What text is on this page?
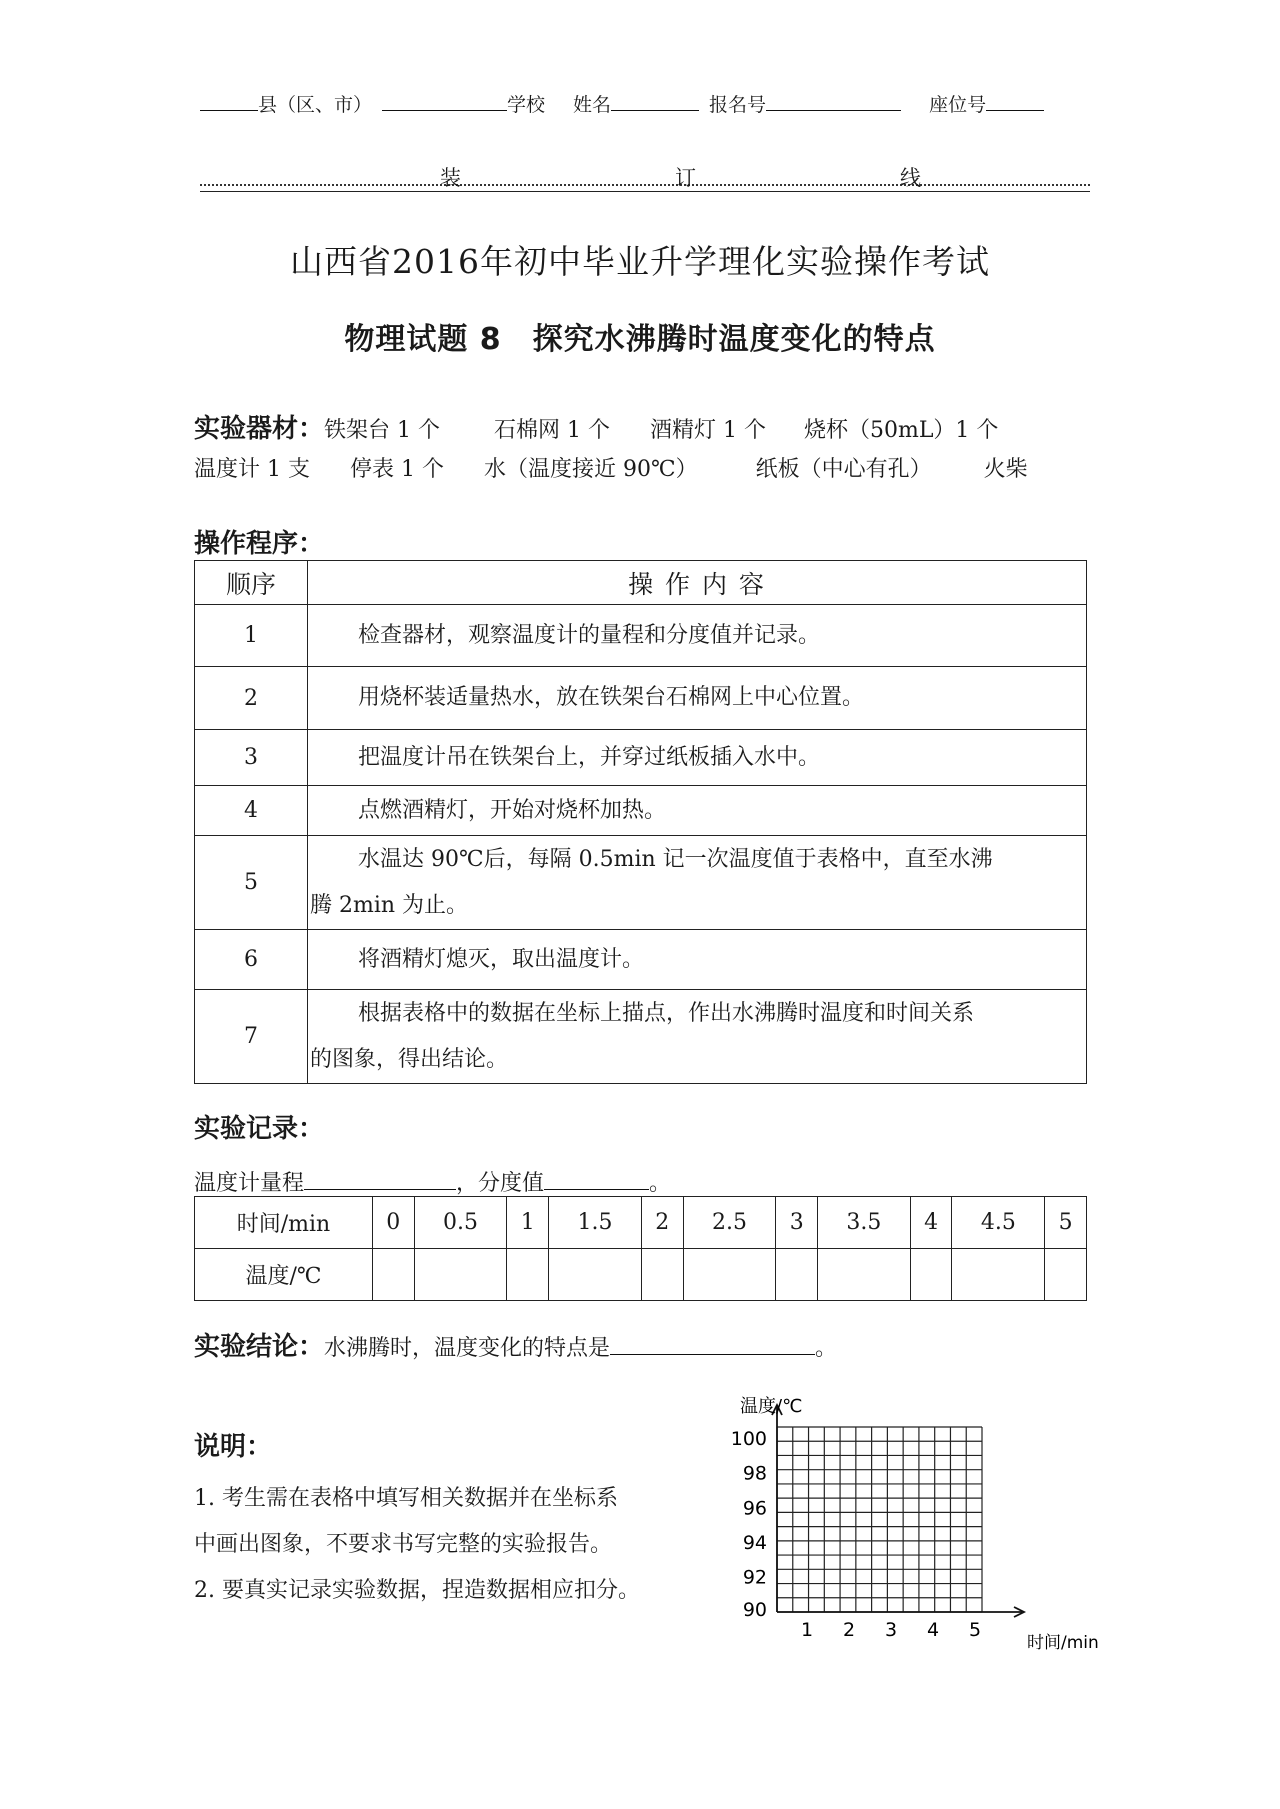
县（区、市）	学校 姓名	报名号	座位号
装	订	线
山西省2016年初中毕业升学理化实验操作考试
物理试题 8　探究水沸腾时温度变化的特点
实验器材：铁架台 1 个 石棉网 1 个 酒精灯 1 个 烧杯（50mL）1 个
温度计 1 支 停表 1 个 水（温度接近 90℃）	纸板（中心有孔） 火柴
操作程序：
顺序	操 作 内 容
1	检查器材，观察温度计的量程和分度值并记录。
2	用烧杯装适量热水，放在铁架台石棉网上中心位置。
3	把温度计吊在铁架台上，并穿过纸板插入水中。
4	点燃酒精灯，开始对烧杯加热。
5	水温达 90℃后，每隔 0.5min 记一次温度值于表格中，直至水沸
腾 2min 为止。
6	将酒精灯熄灭，取出温度计。
7	根据表格中的数据在坐标上描点，作出水沸腾时温度和时间关系
的图象，得出结论。
实验记录：
温度计量程	，分度值	。
时间/min	0	0.5	1	1.5	2	2.5	3	3.5	4	4.5	5
温度/℃											
实验结论：水沸腾时，温度变化的特点是	。
说明：
1. 考生需在表格中填写相关数据并在坐标系
中画出图象，不要求书写完整的实验报告。
2. 要真实记录实验数据，捏造数据相应扣分。
90
92
94
96
98
100
1 2 3 4 5
温度/℃
时间/min
